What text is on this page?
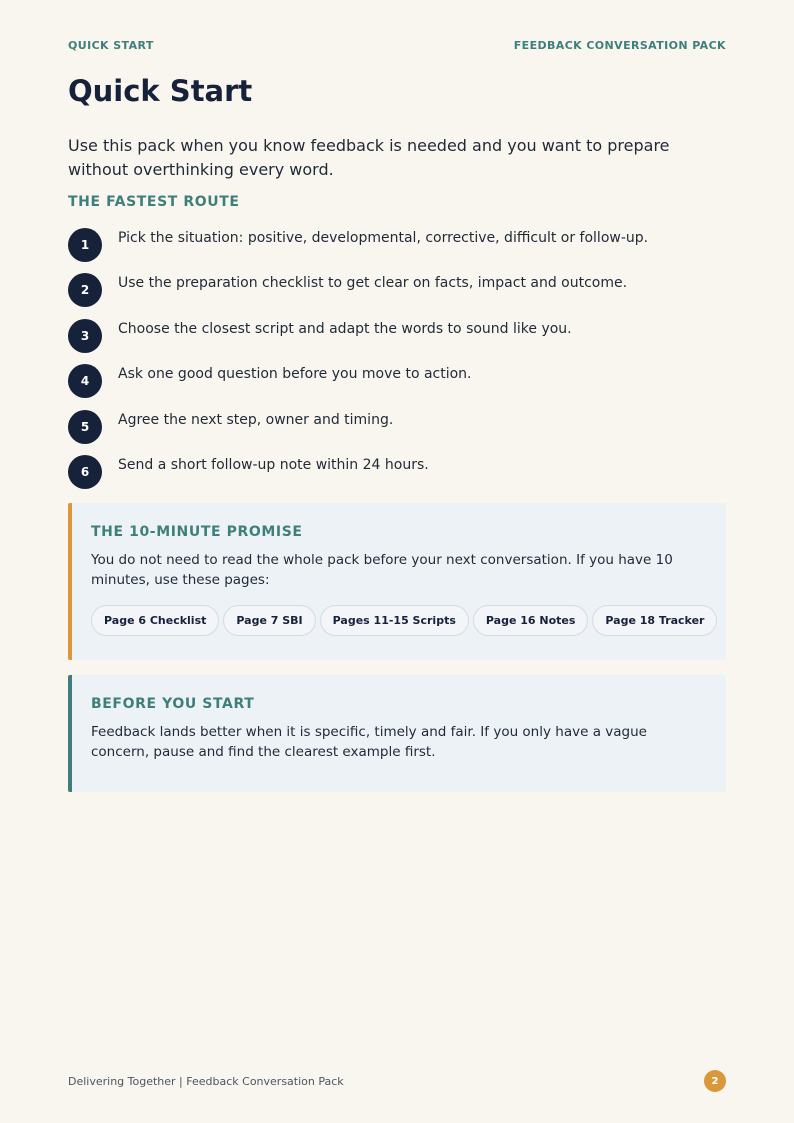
QUICK START	FEEDBACK CONVERSATION PACK
Quick Start

Use this pack when you know feedback is needed and you want to prepare without overthinking every word.

THE FASTEST ROUTE
1	Pick the situation: positive, developmental, corrective, difficult or follow-up.
2	Use the preparation checklist to get clear on facts, impact and outcome.
3	Choose the closest script and adapt the words to sound like you.
4	Ask one good question before you move to action.
5	Agree the next step, owner and timing.
6	Send a short follow-up note within 24 hours.
THE 10-MINUTE PROMISE

You do not need to read the whole pack before your next conversation. If you have 10 minutes, use these pages:

Page 6 Checklist	Page 7 SBI	Pages 11-15 Scripts	Page 16 Notes	Page 18 Tracker
BEFORE YOU START

Feedback lands better when it is specific, timely and fair. If you only have a vague concern, pause and find the clearest example first.

Delivering Together | Feedback Conversation Pack	2
